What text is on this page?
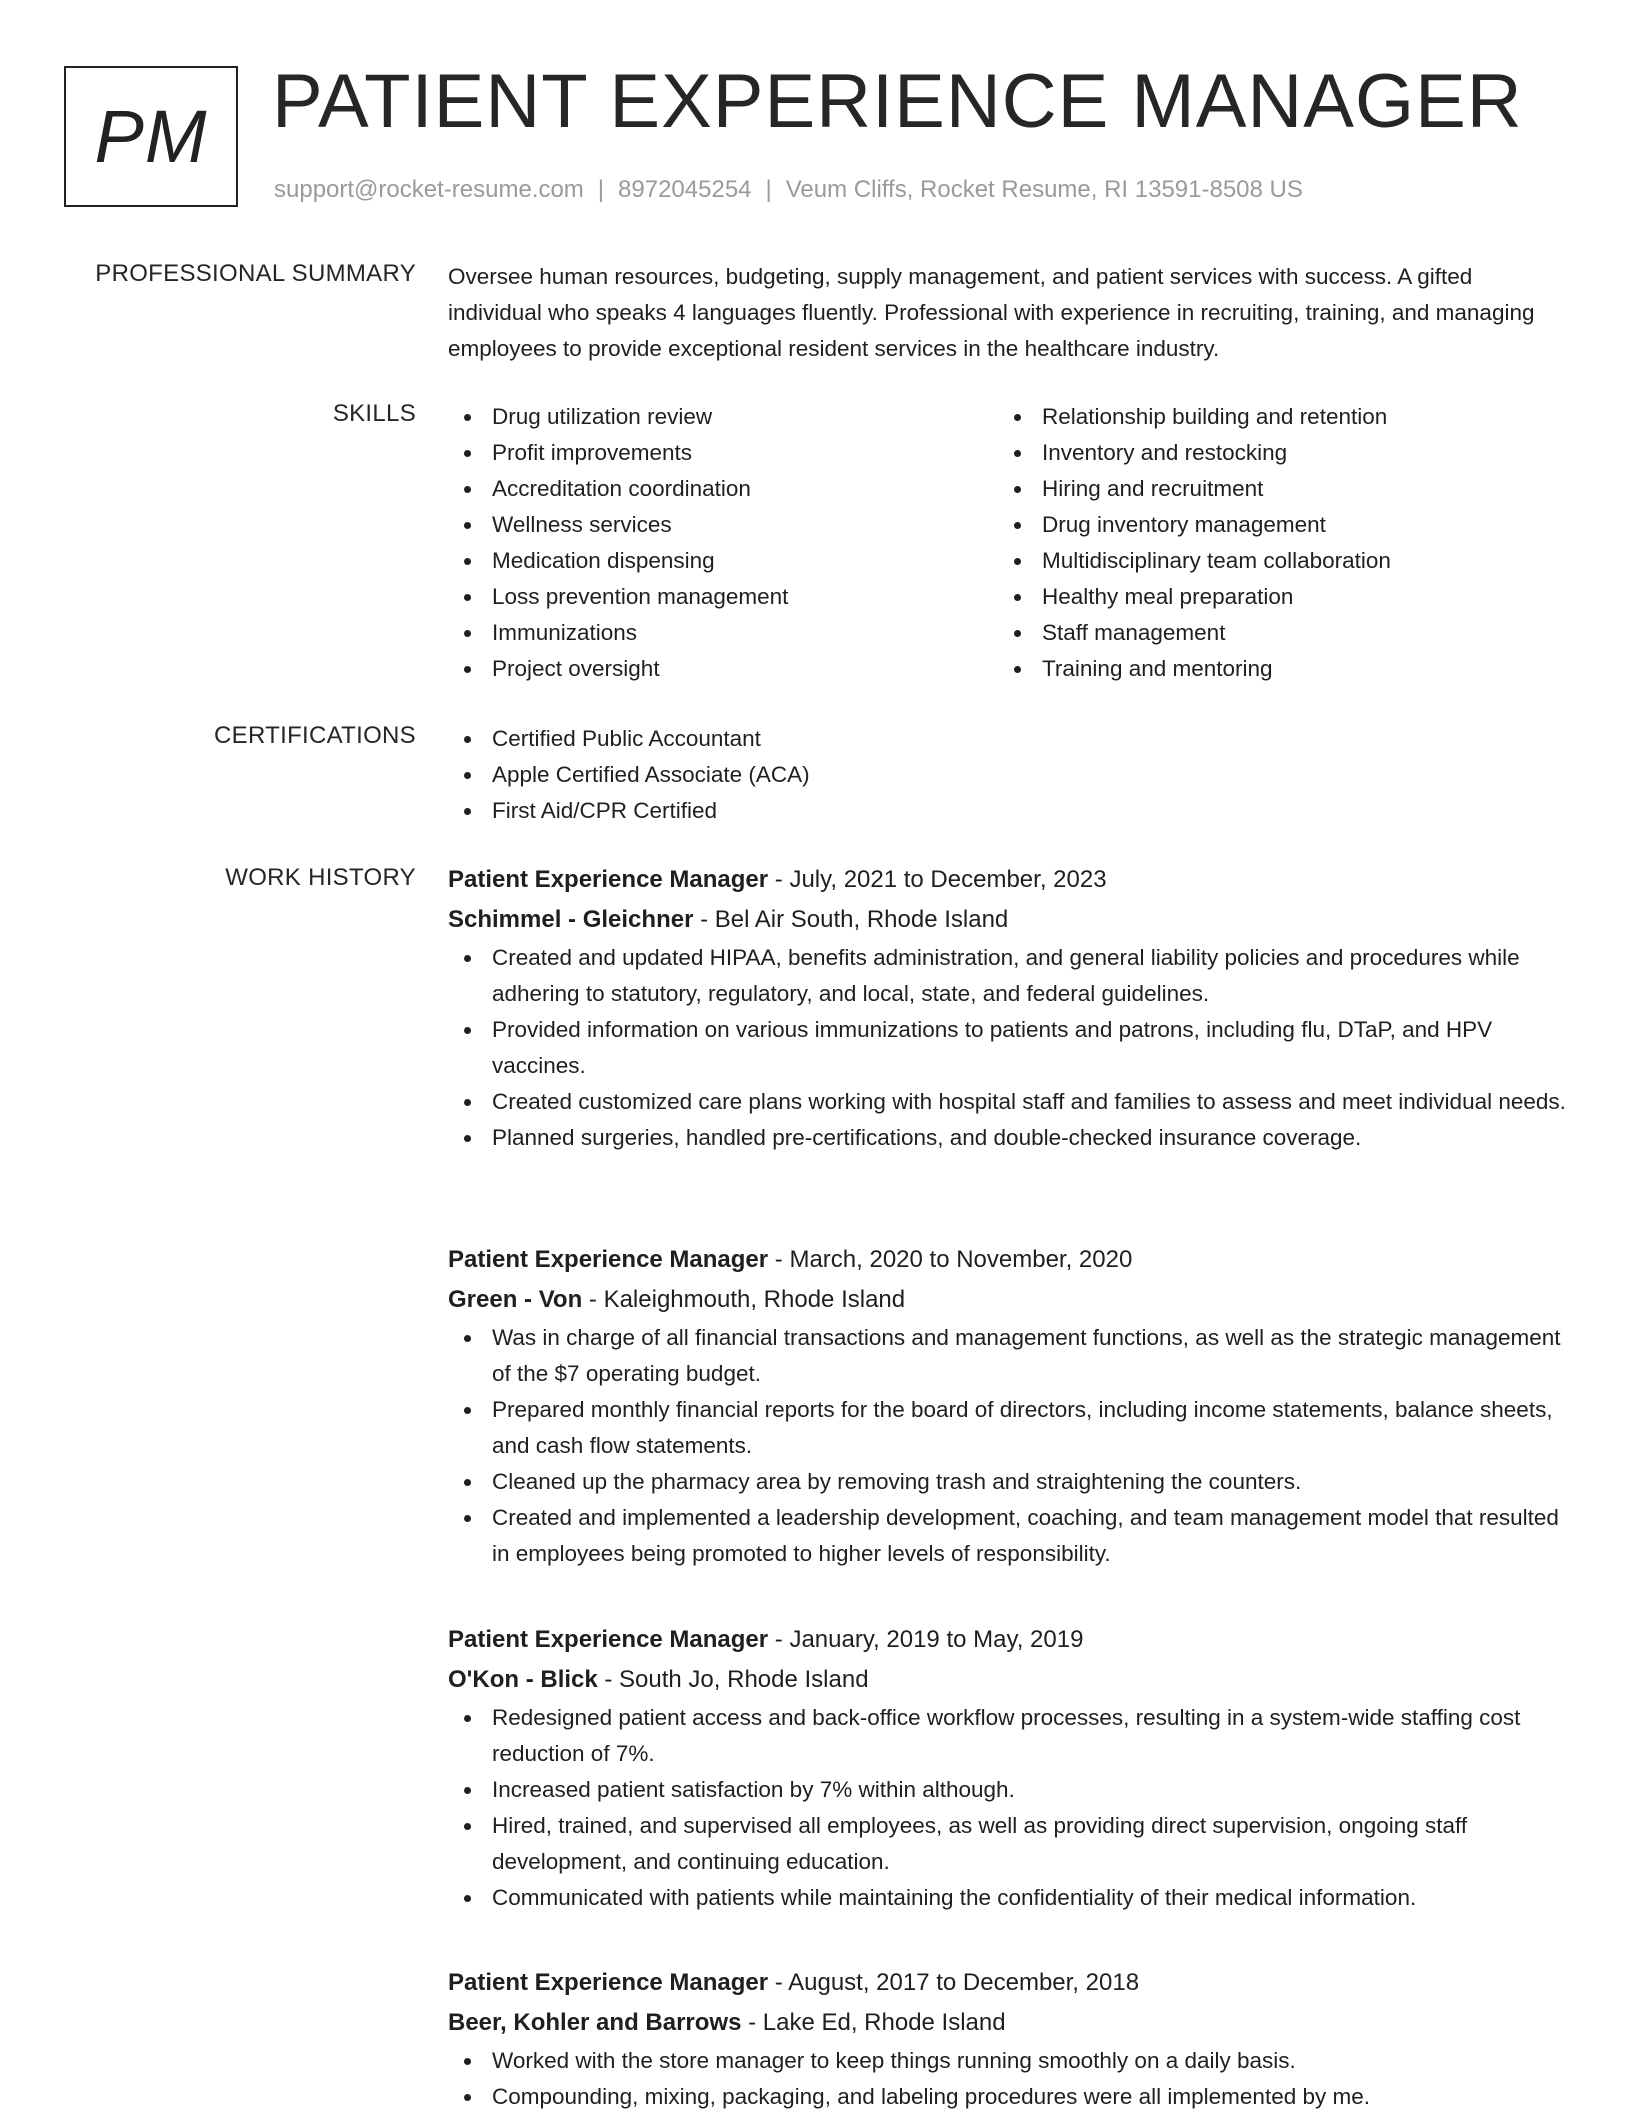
PM PATIENT EXPERIENCE MANAGER
support@rocket-resume.com | 8972045254 | Veum Cliffs, Rocket Resume, RI 13591-8508 US
PROFESSIONAL SUMMARY Oversee human resources, budgeting, supply management, and patient services with success. A gifted individual who speaks 4 languages fluently. Professional with experience in recruiting, training, and managing employees to provide exceptional resident services in the healthcare industry.

SKILLS	Drug utilization review
Profit improvements
Accreditation coordination
Wellness services
Medication dispensing
Loss prevention management
Immunizations
Project oversight
Relationship building and retention
Inventory and restocking
Hiring and recruitment
Drug inventory management
Multidisciplinary team collaboration
Healthy meal preparation
Staff management
Training and mentoring
CERTIFICATIONS	Certified Public Accountant
Apple Certified Associate (ACA)
First Aid/CPR Certified
WORK HISTORY Patient Experience Manager - July, 2021 to December, 2023
Schimmel - Gleichner - Bel Air South, Rhode Island
Created and updated HIPAA, benefits administration, and general liability policies and procedures while adhering to statutory, regulatory, and local, state, and federal guidelines.
Provided information on various immunizations to patients and patrons, including flu, DTaP, and HPV vaccines.
Created customized care plans working with hospital staff and families to assess and meet individual needs.
Planned surgeries, handled pre-certifications, and double-checked insurance coverage.
Patient Experience Manager - March, 2020 to November, 2020
Green - Von - Kaleighmouth, Rhode Island
Was in charge of all financial transactions and management functions, as well as the strategic management of the $7 operating budget.
Prepared monthly financial reports for the board of directors, including income statements, balance sheets, and cash flow statements.
Cleaned up the pharmacy area by removing trash and straightening the counters.
Created and implemented a leadership development, coaching, and team management model that resulted in employees being promoted to higher levels of responsibility.
Patient Experience Manager - January, 2019 to May, 2019
O'Kon - Blick - South Jo, Rhode Island
Redesigned patient access and back-office workflow processes, resulting in a system-wide staffing cost reduction of 7%.
Increased patient satisfaction by 7% within although.
Hired, trained, and supervised all employees, as well as providing direct supervision, ongoing staff development, and continuing education.
Communicated with patients while maintaining the confidentiality of their medical information.
Patient Experience Manager - August, 2017 to December, 2018
Beer, Kohler and Barrows - Lake Ed, Rhode Island
Worked with the store manager to keep things running smoothly on a daily basis.
Compounding, mixing, packaging, and labeling procedures were all implemented by me.
